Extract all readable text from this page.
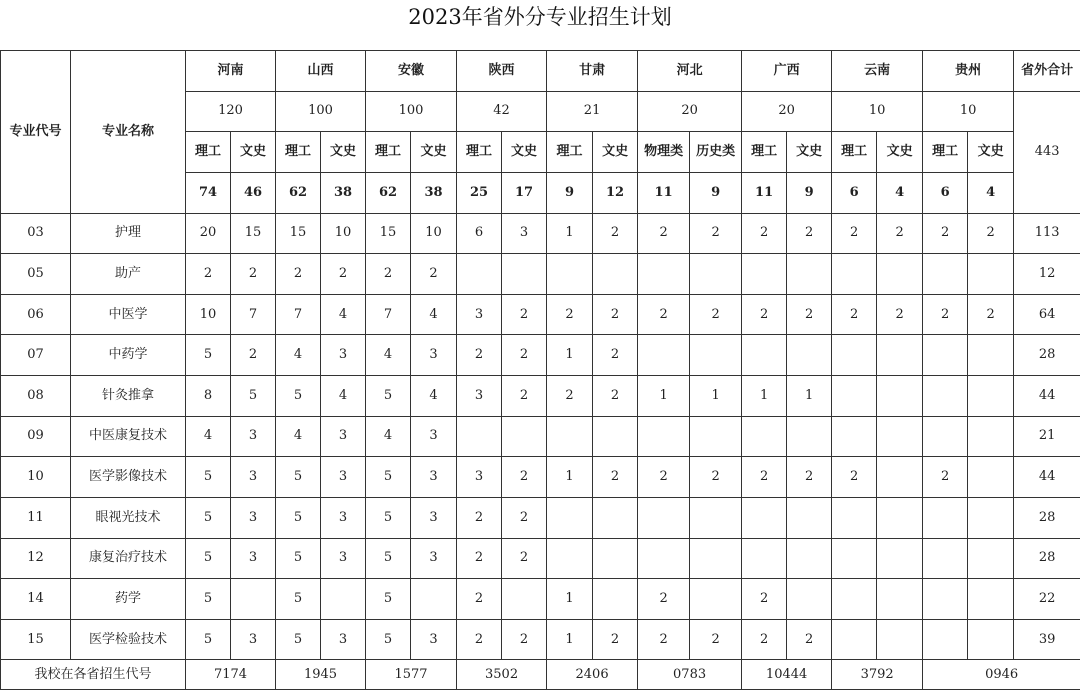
2023年省外分专业招生计划
专业代号	专业名称	河南		山西		安徽		陕西		甘肃		河北		广西		云南		贵州		省外合计
		120		100		100		42		21		20		20		10		10		443
		理工	文史	理工	文史	理工	文史	理工	文史	理工	文史	物理类	历史类	理工	文史	理工	文史	理工	文史	
		74	46	62	38	62	38	25	17	9	12	11	9	11	9	6	4	6	4	
03	护理	20	15	15	10	15	10	6	3	1	2	2	2	2	2	2	2	2	2	113
05	助产	2	2	2	2	2	2													12
06	中医学	10	7	7	4	7	4	3	2	2	2	2	2	2	2	2	2	2	2	64
07	中药学	5	2	4	3	4	3	2	2	1	2									28
08	针灸推拿	8	5	5	4	5	4	3	2	2	2	1	1	1	1					44
09	中医康复技术	4	3	4	3	4	3													21
10	医学影像技术	5	3	5	3	5	3	3	2	1	2	2	2	2	2	2		2		44
11	眼视光技术	5	3	5	3	5	3	2	2											28
12	康复治疗技术	5	3	5	3	5	3	2	2											28
14	药学	5		5		5		2		1		2		2						22
15	医学检验技术	5	3	5	3	5	3	2	2	1	2	2	2	2	2					39
我校在各省招生代号		7174		1945		1577		3502		2406		0783		10444		3792		0946		
